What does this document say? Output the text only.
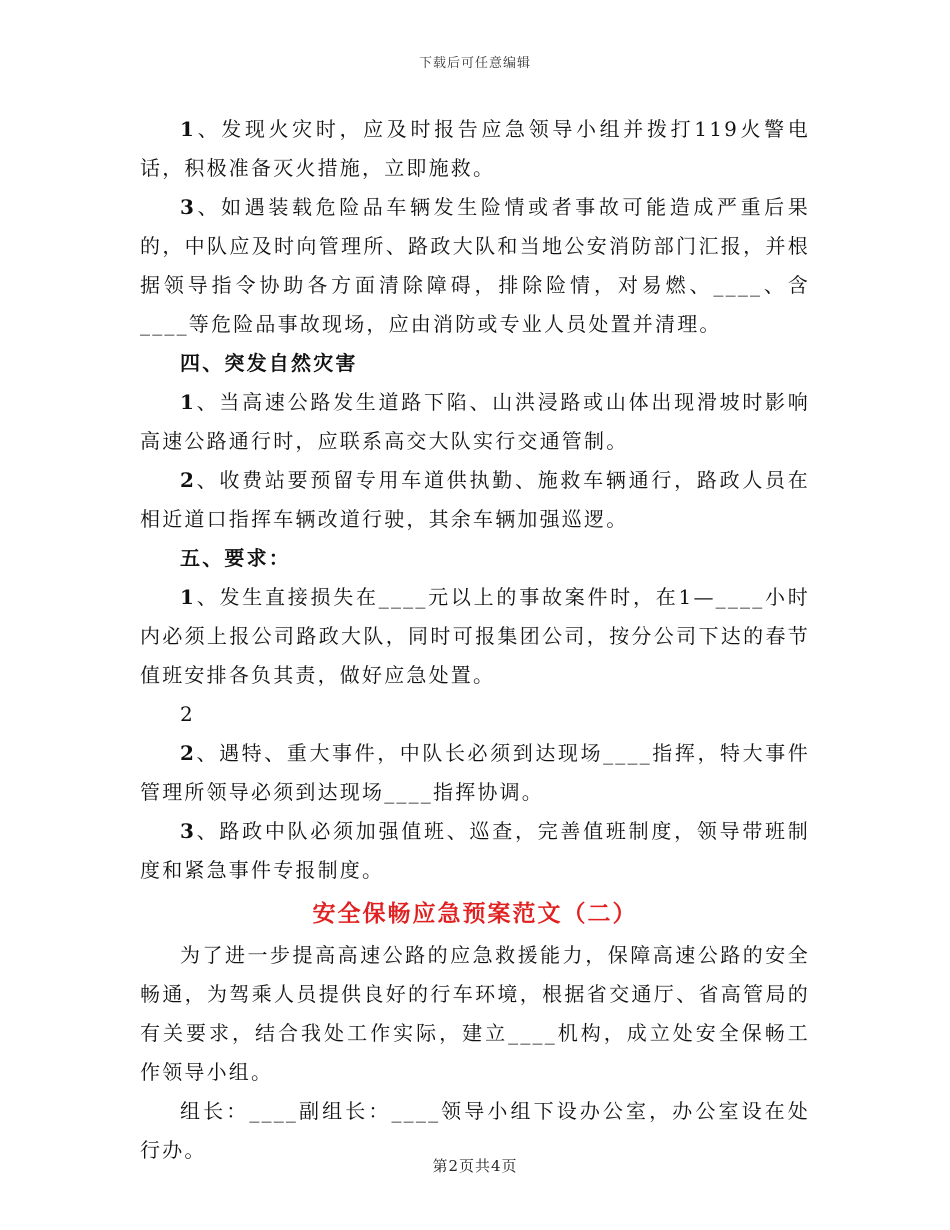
下载后可任意编辑

1、发现火灾时，应及时报告应急领导小组并拨打119火警电话，积极准备灭火措施，立即施救。

3、如遇装载危险品车辆发生险情或者事故可能造成严重后果的，中队应及时向管理所、路政大队和当地公安消防部门汇报，并根据领导指令协助各方面清除障碍，排除险情，对易燃、____、含____等危险品事故现场，应由消防或专业人员处置并清理。

四、突发自然灾害

1、当高速公路发生道路下陷、山洪浸路或山体出现滑坡时影响高速公路通行时，应联系高交大队实行交通管制。

2、收费站要预留专用车道供执勤、施救车辆通行，路政人员在相近道口指挥车辆改道行驶，其余车辆加强巡逻。

五、要求：

1、发生直接损失在____元以上的事故案件时，在1—____小时内必须上报公司路政大队，同时可报集团公司，按分公司下达的春节值班安排各负其责，做好应急处置。

2

2、遇特、重大事件，中队长必须到达现场____指挥，特大事件管理所领导必须到达现场____指挥协调。

3、路政中队必须加强值班、巡查，完善值班制度，领导带班制度和紧急事件专报制度。

安全保畅应急预案范文（二）

为了进一步提高高速公路的应急救援能力，保障高速公路的安全畅通，为驾乘人员提供良好的行车环境，根据省交通厅、省高管局的有关要求，结合我处工作实际，建立____机构，成立处安全保畅工作领导小组。

组长：____副组长：____领导小组下设办公室，办公室设在处行办。

第2页共4页
